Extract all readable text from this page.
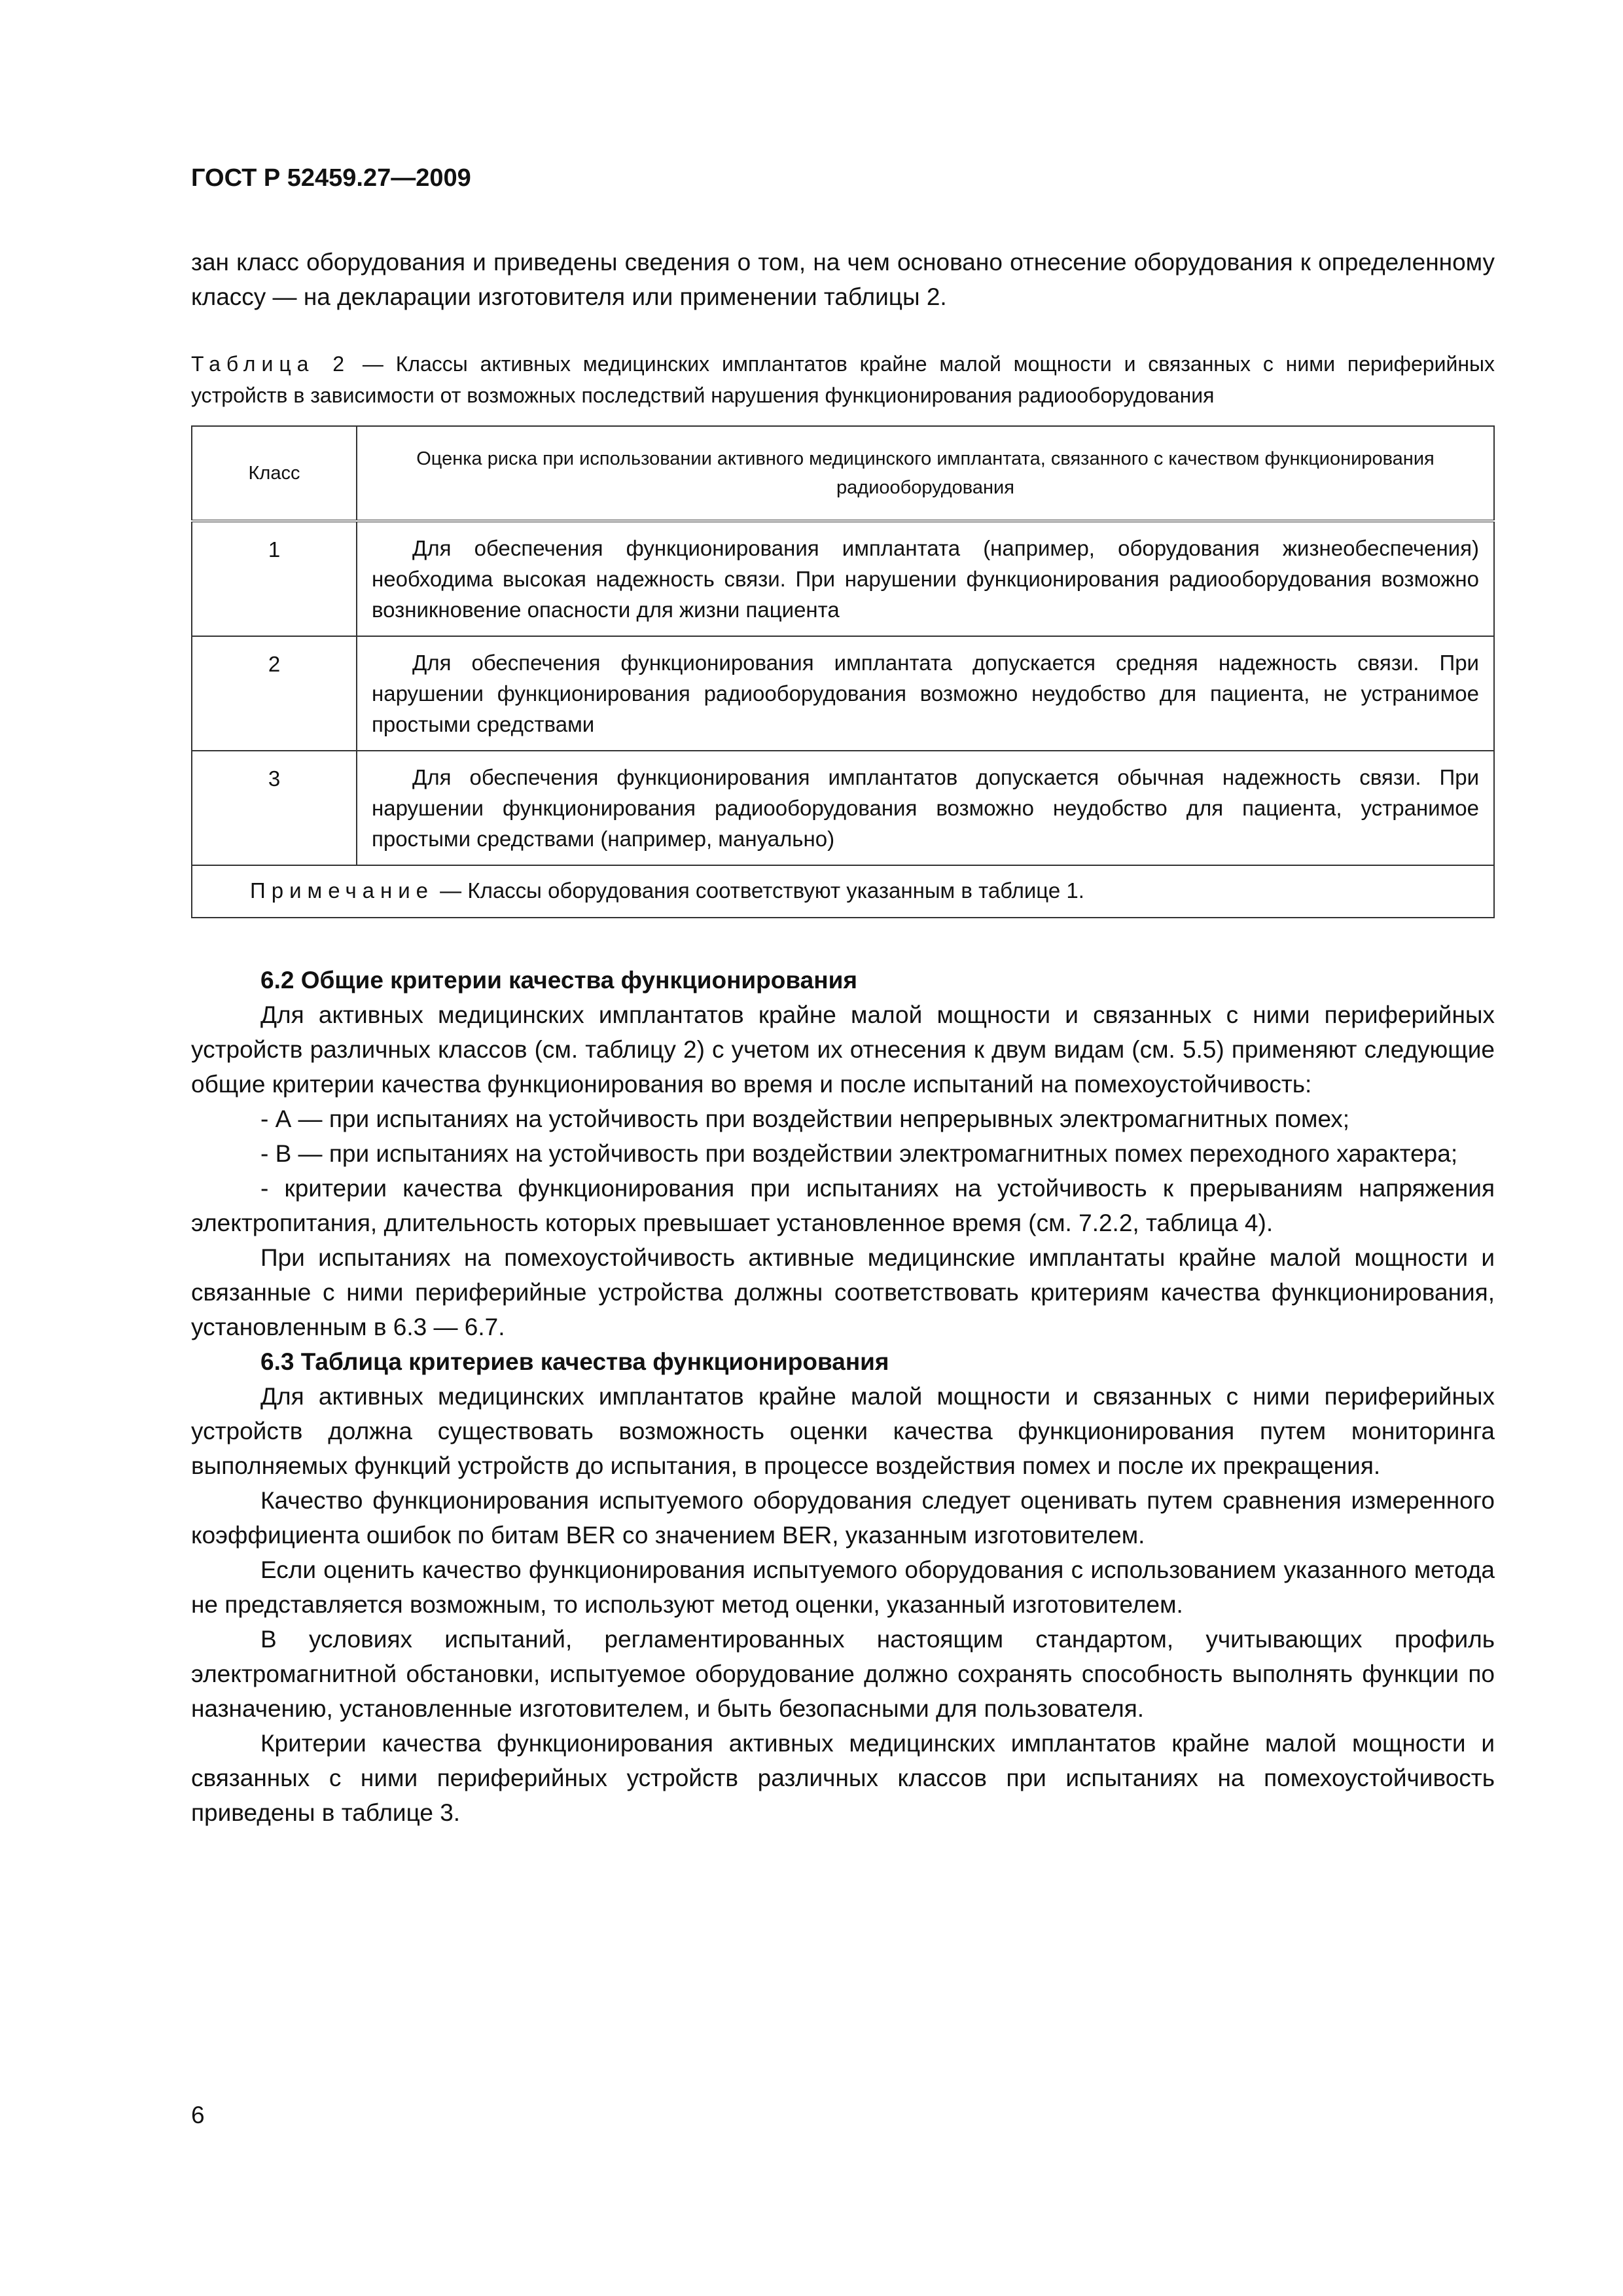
ГОСТ Р 52459.27—2009

зан класс оборудования и приведены сведения о том, на чем основано отнесение оборудования к определенному классу — на декларации изготовителя или применении таблицы 2.

Таблица 2 — Классы активных медицинских имплантатов крайне малой мощности и связанных с ними периферийных устройств в зависимости от возможных последствий нарушения функционирования радиооборудования
Класс	Оценка риска при использовании активного медицинского имплантата, связанного с качеством функционирования радиооборудования
1	Для обеспечения функционирования имплантата (например, оборудования жизнеобеспечения) необходима высокая надежность связи. При нарушении функционирования радиооборудования возможно возникновение опасности для жизни пациента

2	Для обеспечения функционирования имплантата допускается средняя надежность связи. При нарушении функционирования радиооборудования возможно неудобство для пациента, не устранимое простыми средствами

3	Для обеспечения функционирования имплантатов допускается обычная надежность связи. При нарушении функционирования радиооборудования возможно неудобство для пациента, устранимое простыми средствами (например, мануально)

Примечание — Классы оборудования соответствуют указанным в таблице 1.	
6.2 Общие критерии качества функционирования

Для активных медицинских имплантатов крайне малой мощности и связанных с ними периферийных устройств различных классов (см. таблицу 2) с учетом их отнесения к двум видам (см. 5.5) применяют следующие общие критерии качества функционирования во время и после испытаний на помехоустойчивость:

- А — при испытаниях на устойчивость при воздействии непрерывных электромагнитных помех;

- В — при испытаниях на устойчивость при воздействии электромагнитных помех переходного характера;

- критерии качества функционирования при испытаниях на устойчивость к прерываниям напряжения электропитания, длительность которых превышает установленное время (см. 7.2.2, таблица 4).

При испытаниях на помехоустойчивость активные медицинские имплантаты крайне малой мощности и связанные с ними периферийные устройства должны соответствовать критериям качества функционирования, установленным в 6.3 — 6.7.

6.3 Таблица критериев качества функционирования

Для активных медицинских имплантатов крайне малой мощности и связанных с ними периферийных устройств должна существовать возможность оценки качества функционирования путем мониторинга выполняемых функций устройств до испытания, в процессе воздействия помех и после их прекращения.

Качество функционирования испытуемого оборудования следует оценивать путем сравнения измеренного коэффициента ошибок по битам BER со значением BER, указанным изготовителем.

Если оценить качество функционирования испытуемого оборудования с использованием указанного метода не представляется возможным, то используют метод оценки, указанный изготовителем.

В условиях испытаний, регламентированных настоящим стандартом, учитывающих профиль электромагнитной обстановки, испытуемое оборудование должно сохранять способность выполнять функции по назначению, установленные изготовителем, и быть безопасными для пользователя.

Критерии качества функционирования активных медицинских имплантатов крайне малой мощности и связанных с ними периферийных устройств различных классов при испытаниях на помехоустойчивость приведены в таблице 3.

6
